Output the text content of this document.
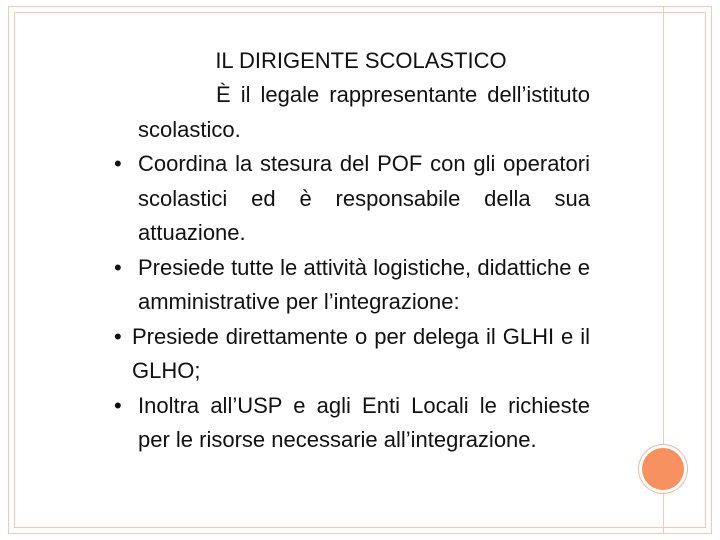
IL DIRIGENTE SCOLASTICO

È il legale rappresentante dell’istituto scolastico.

• Coordina la stesura del POF con gli operatori scolastici ed è responsabile della sua attuazione.
• Presiede tutte le attività logistiche, didattiche e amministrative per l’integrazione:
• Presiede direttamente o per delega il GLHI e il GLHO;
• Inoltra all’USP e agli Enti Locali le richieste per le risorse necessarie all’integrazione.
